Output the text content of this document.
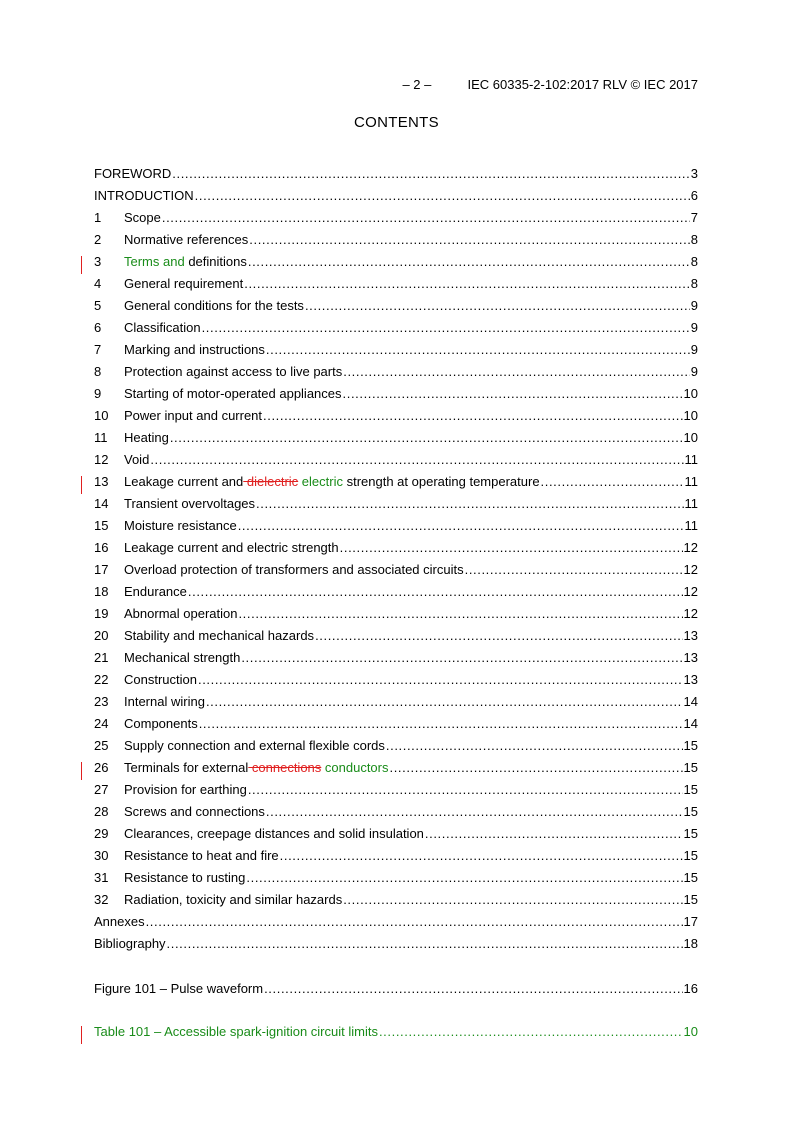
– 2 –	IEC 60335-2-102:2017 RLV © IEC 2017
CONTENTS
FOREWORD .....	3
INTRODUCTION .....	6
1	Scope .....	7
2	Normative references .....	8
3	Terms and definitions .....	8
4	General requirement .....	8
5	General conditions for the tests .....	9
6	Classification .....	9
7	Marking and instructions .....	9
8	Protection against access to live parts .....	9
9	Starting of motor-operated appliances .....	10
10	Power input and current .....	10
11	Heating .....	10
12	Void .....	11
13	Leakage current and dielectric electric strength at operating temperature .....	11
14	Transient overvoltages .....	11
15	Moisture resistance .....	11
16	Leakage current and electric strength .....	12
17	Overload protection of transformers and associated circuits .....	12
18	Endurance .....	12
19	Abnormal operation .....	12
20	Stability and mechanical hazards .....	13
21	Mechanical strength .....	13
22	Construction .....	13
23	Internal wiring .....	14
24	Components .....	14
25	Supply connection and external flexible cords .....	15
26	Terminals for external connections conductors .....	15
27	Provision for earthing .....	15
28	Screws and connections .....	15
29	Clearances, creepage distances and solid insulation .....	15
30	Resistance to heat and fire .....	15
31	Resistance to rusting .....	15
32	Radiation, toxicity and similar hazards .....	15
Annexes .....	17
Bibliography .....	18
Figure 101 – Pulse waveform .....	16
Table 101 – Accessible spark-ignition circuit limits .....	10
